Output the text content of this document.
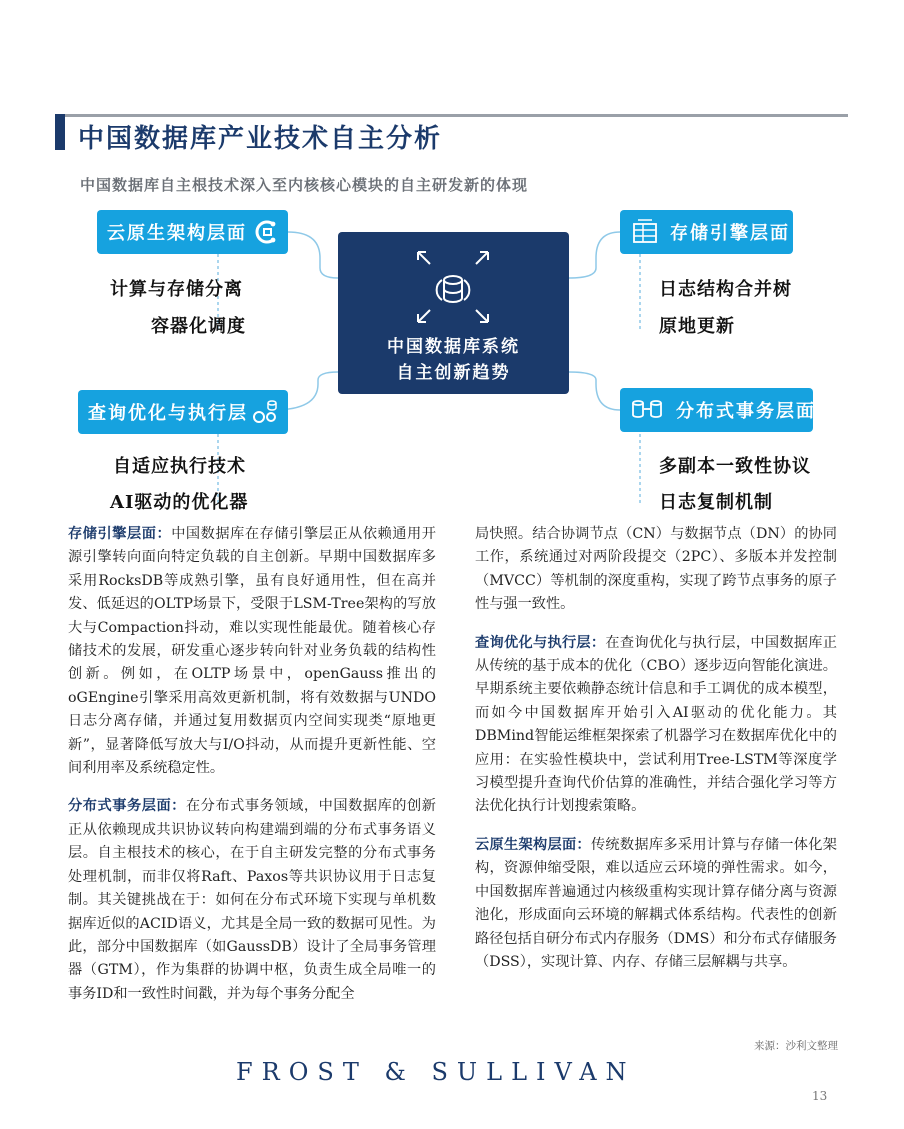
中国数据库产业技术自主分析
中国数据库自主根技术深入至内核核心模块的自主研发新的体现
云原生架构层面
计算与存储分离
容器化调度
存储引擎层面
日志结构合并树
原地更新
中国数据库系统
自主创新趋势
查询优化与执行层
自适应执行技术
AI驱动的优化器
分布式事务层面
多副本一致性协议
日志复制机制

存储引擎层面：中国数据库在存储引擎层正从依赖通用开源引擎转向面向特定负载的自主创新。早期中国数据库多采用RocksDB等成熟引擎，虽有良好通用性，但在高并发、低延迟的OLTP场景下，受限于LSM-Tree架构的写放大与Compaction抖动，难以实现性能最优。随着核心存储技术的发展，研发重心逐步转向针对业务负载的结构性创新。例如，在OLTP场景中，openGauss推出的oGEngine引擎采用高效更新机制，将有效数据与UNDO日志分离存储，并通过复用数据页内空间实现类“原地更新”，显著降低写放大与I/O抖动，从而提升更新性能、空间利用率及系统稳定性。

分布式事务层面：在分布式事务领域，中国数据库的创新正从依赖现成共识协议转向构建端到端的分布式事务语义层。自主根技术的核心，在于自主研发完整的分布式事务处理机制，而非仅将Raft、Paxos等共识协议用于日志复制。其关键挑战在于：如何在分布式环境下实现与单机数据库近似的ACID语义，尤其是全局一致的数据可见性。为此，部分中国数据库（如GaussDB）设计了全局事务管理器（GTM），作为集群的协调中枢，负责生成全局唯一的事务ID和一致性时间戳，并为每个事务分配全

局快照。结合协调节点（CN）与数据节点（DN）的协同工作，系统通过对两阶段提交（2PC）、多版本并发控制（MVCC）等机制的深度重构，实现了跨节点事务的原子性与强一致性。

查询优化与执行层：在查询优化与执行层，中国数据库正从传统的基于成本的优化（CBO）逐步迈向智能化演进。早期系统主要依赖静态统计信息和手工调优的成本模型，而如今中国数据库开始引入AI驱动的优化能力。其DBMind智能运维框架探索了机器学习在数据库优化中的应用：在实验性模块中，尝试利用Tree-LSTM等深度学习模型提升查询代价估算的准确性，并结合强化学习等方法优化执行计划搜索策略。

云原生架构层面：传统数据库多采用计算与存储一体化架构，资源伸缩受限，难以适应云环境的弹性需求。如今，中国数据库普遍通过内核级重构实现计算存储分离与资源池化，形成面向云环境的解耦式体系结构。代表性的创新路径包括自研分布式内存服务（DMS）和分布式存储服务（DSS），实现计算、内存、存储三层解耦与共享。

来源：沙利文整理
FROST & SULLIVAN
13
